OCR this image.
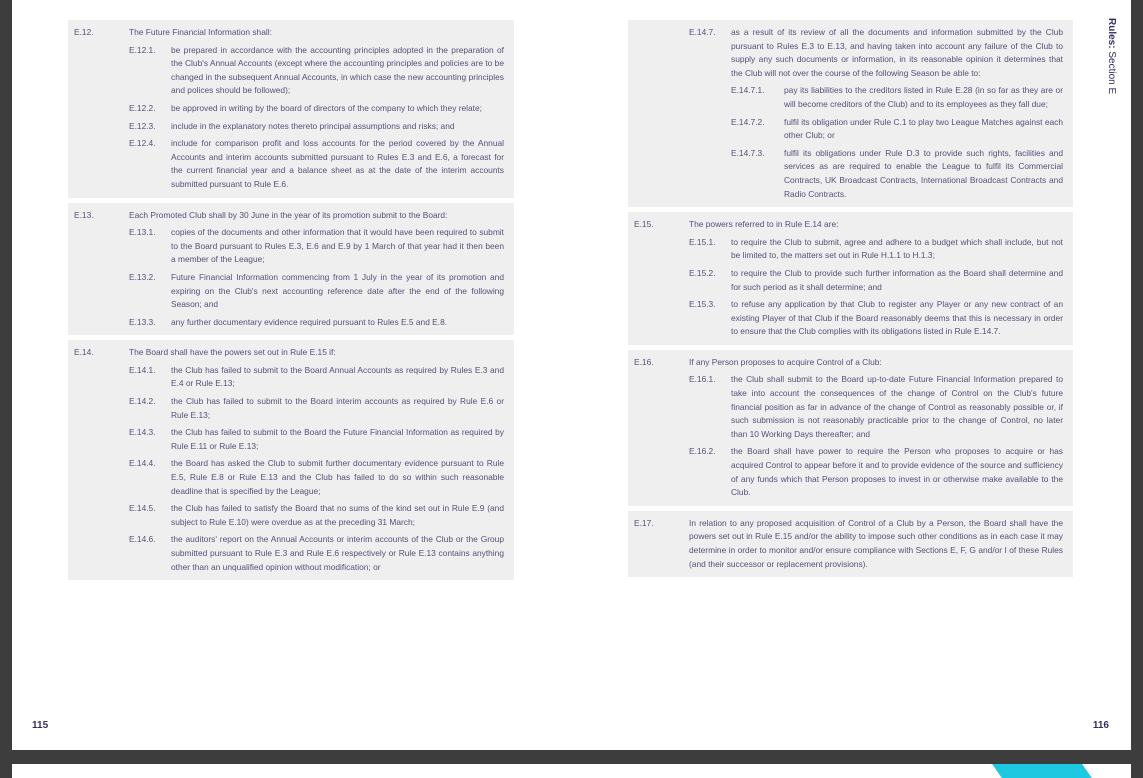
E.12.	The Future Financial Information shall:
E.12.1.	be prepared in accordance with the accounting principles adopted in the preparation of the Club's Annual Accounts (except where the accounting principles and policies are to be changed in the subsequent Annual Accounts, in which case the new accounting principles and polices should be followed);
E.12.2.	be approved in writing by the board of directors of the company to which they relate;
E.12.3.	include in the explanatory notes thereto principal assumptions and risks; and
E.12.4.	include for comparison profit and loss accounts for the period covered by the Annual Accounts and interim accounts submitted pursuant to Rules E.3 and E.6, a forecast for the current financial year and a balance sheet as at the date of the interim accounts submitted pursuant to Rule E.6.
E.13.	Each Promoted Club shall by 30 June in the year of its promotion submit to the Board:
E.13.1.	copies of the documents and other information that it would have been required to submit to the Board pursuant to Rules E.3, E.6 and E.9 by 1 March of that year had it then been a member of the League;
E.13.2.	Future Financial Information commencing from 1 July in the year of its promotion and expiring on the Club's next accounting reference date after the end of the following Season; and
E.13.3.	any further documentary evidence required pursuant to Rules E.5 and E.8.
E.14.	The Board shall have the powers set out in Rule E.15 if:
E.14.1.	the Club has failed to submit to the Board Annual Accounts as required by Rules E.3 and E.4 or Rule E.13;
E.14.2.	the Club has failed to submit to the Board interim accounts as required by Rule E.6 or Rule E.13;
E.14.3.	the Club has failed to submit to the Board the Future Financial Information as required by Rule E.11 or Rule E.13;
E.14.4.	the Board has asked the Club to submit further documentary evidence pursuant to Rule E.5, Rule E.8 or Rule E.13 and the Club has failed to do so within such reasonable deadline that is specified by the League;
E.14.5.	the Club has failed to satisfy the Board that no sums of the kind set out in Rule E.9 (and subject to Rule E.10) were overdue as at the preceding 31 March;
E.14.6.	the auditors' report on the Annual Accounts or interim accounts of the Club or the Group submitted pursuant to Rule E.3 and Rule E.6 respectively or Rule E.13 contains anything other than an unqualified opinion without modification; or
115
E.14.7.	as a result of its review of all the documents and information submitted by the Club pursuant to Rules E.3 to E.13, and having taken into account any failure of the Club to supply any such documents or information, in its reasonable opinion it determines that the Club will not over the course of the following Season be able to:
E.14.7.1.	pay its liabilities to the creditors listed in Rule E.28 (in so far as they are or will become creditors of the Club) and to its employees as they fall due;
E.14.7.2.	fulfil its obligation under Rule C.1 to play two League Matches against each other Club; or
E.14.7.3.	fulfil its obligations under Rule D.3 to provide such rights, facilities and services as are required to enable the League to fulfil its Commercial Contracts, UK Broadcast Contracts, International Broadcast Contracts and Radio Contracts.
E.15.	The powers referred to in Rule E.14 are:
E.15.1.	to require the Club to submit, agree and adhere to a budget which shall include, but not be limited to, the matters set out in Rule H.1.1 to H.1.3;
E.15.2.	to require the Club to provide such further information as the Board shall determine and for such period as it shall determine; and
E.15.3.	to refuse any application by that Club to register any Player or any new contract of an existing Player of that Club if the Board reasonably deems that this is necessary in order to ensure that the Club complies with its obligations listed in Rule E.14.7.
E.16.	If any Person proposes to acquire Control of a Club:
E.16.1.	the Club shall submit to the Board up-to-date Future Financial Information prepared to take into account the consequences of the change of Control on the Club's future financial position as far in advance of the change of Control as reasonably possible or, if such submission is not reasonably practicable prior to the change of Control, no later than 10 Working Days thereafter; and
E.16.2.	the Board shall have power to require the Person who proposes to acquire or has acquired Control to appear before it and to provide evidence of the source and sufficiency of any funds which that Person proposes to invest in or otherwise make available to the Club.
E.17.	In relation to any proposed acquisition of Control of a Club by a Person, the Board shall have the powers set out in Rule E.15 and/or the ability to impose such other conditions as in each case it may determine in order to monitor and/or ensure compliance with Sections E, F, G and/or I of these Rules (and their successor or replacement provisions).
Rules: Section E
116
